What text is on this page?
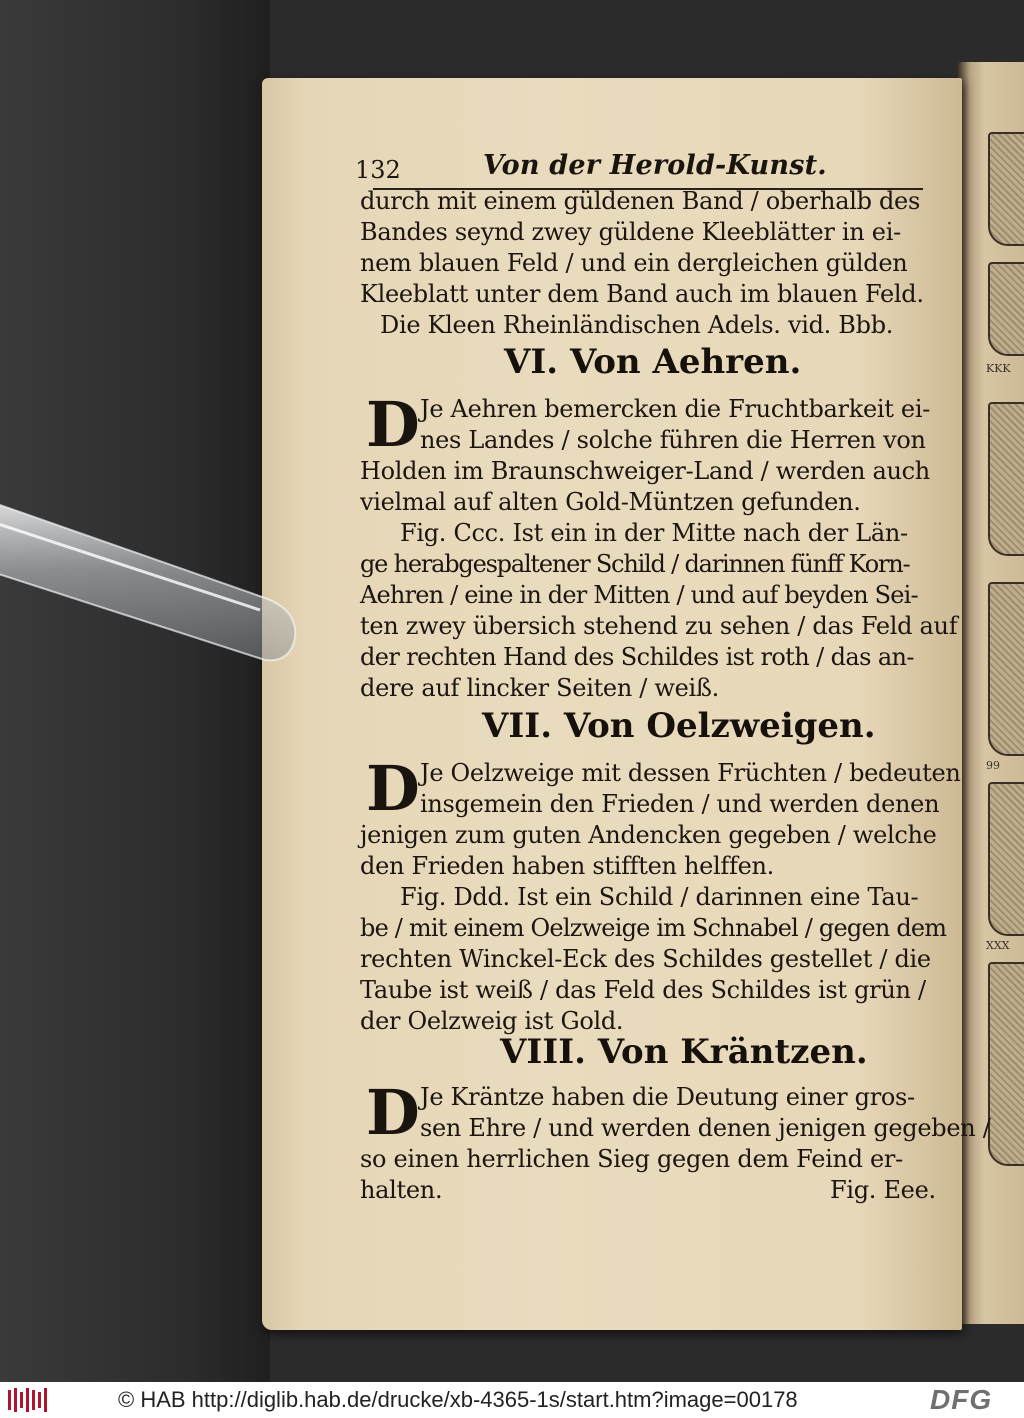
KKK
99
XXX
132	Von der Herold-Kunst.
durch mit einem güldenen Band / oberhalb des
Bandes seynd zwey güldene Kleeblätter in ei-
nem blauen Feld / und ein dergleichen gülden
Kleeblatt unter dem Band auch im blauen Feld.
Die Kleen Rheinländischen Adels. vid. Bbb.
VI. Von Aehren.
D Je Aehren bemercken die Fruchtbarkeit ei-
nes Landes / solche führen die Herren von
Holden im Braunschweiger-Land / werden auch
vielmal auf alten Gold-Müntzen gefunden.
Fig. Ccc. Ist ein in der Mitte nach der Län-
ge herabgespaltener Schild / darinnen fünff Korn-
Aehren / eine in der Mitten / und auf beyden Sei-
ten zwey übersich stehend zu sehen / das Feld auf
der rechten Hand des Schildes ist roth / das an-
dere auf lincker Seiten / weiß.
VII. Von Oelzweigen.
D Je Oelzweige mit dessen Früchten / bedeuten
insgemein den Frieden / und werden denen
jenigen zum guten Andencken gegeben / welche
den Frieden haben stifften helffen.
Fig. Ddd. Ist ein Schild / darinnen eine Tau-
be / mit einem Oelzweige im Schnabel / gegen dem
rechten Winckel-Eck des Schildes gestellet / die
Taube ist weiß / das Feld des Schildes ist grün /
der Oelzweig ist Gold.
VIII. Von Kräntzen.
D Je Kräntze haben die Deutung einer gros-
sen Ehre / und werden denen jenigen gegeben /
so einen herrlichen Sieg gegen dem Feind er-
halten.	Fig. Eee.
© HAB http://diglib.hab.de/drucke/xb-4365-1s/start.htm?image=00178	DFG
